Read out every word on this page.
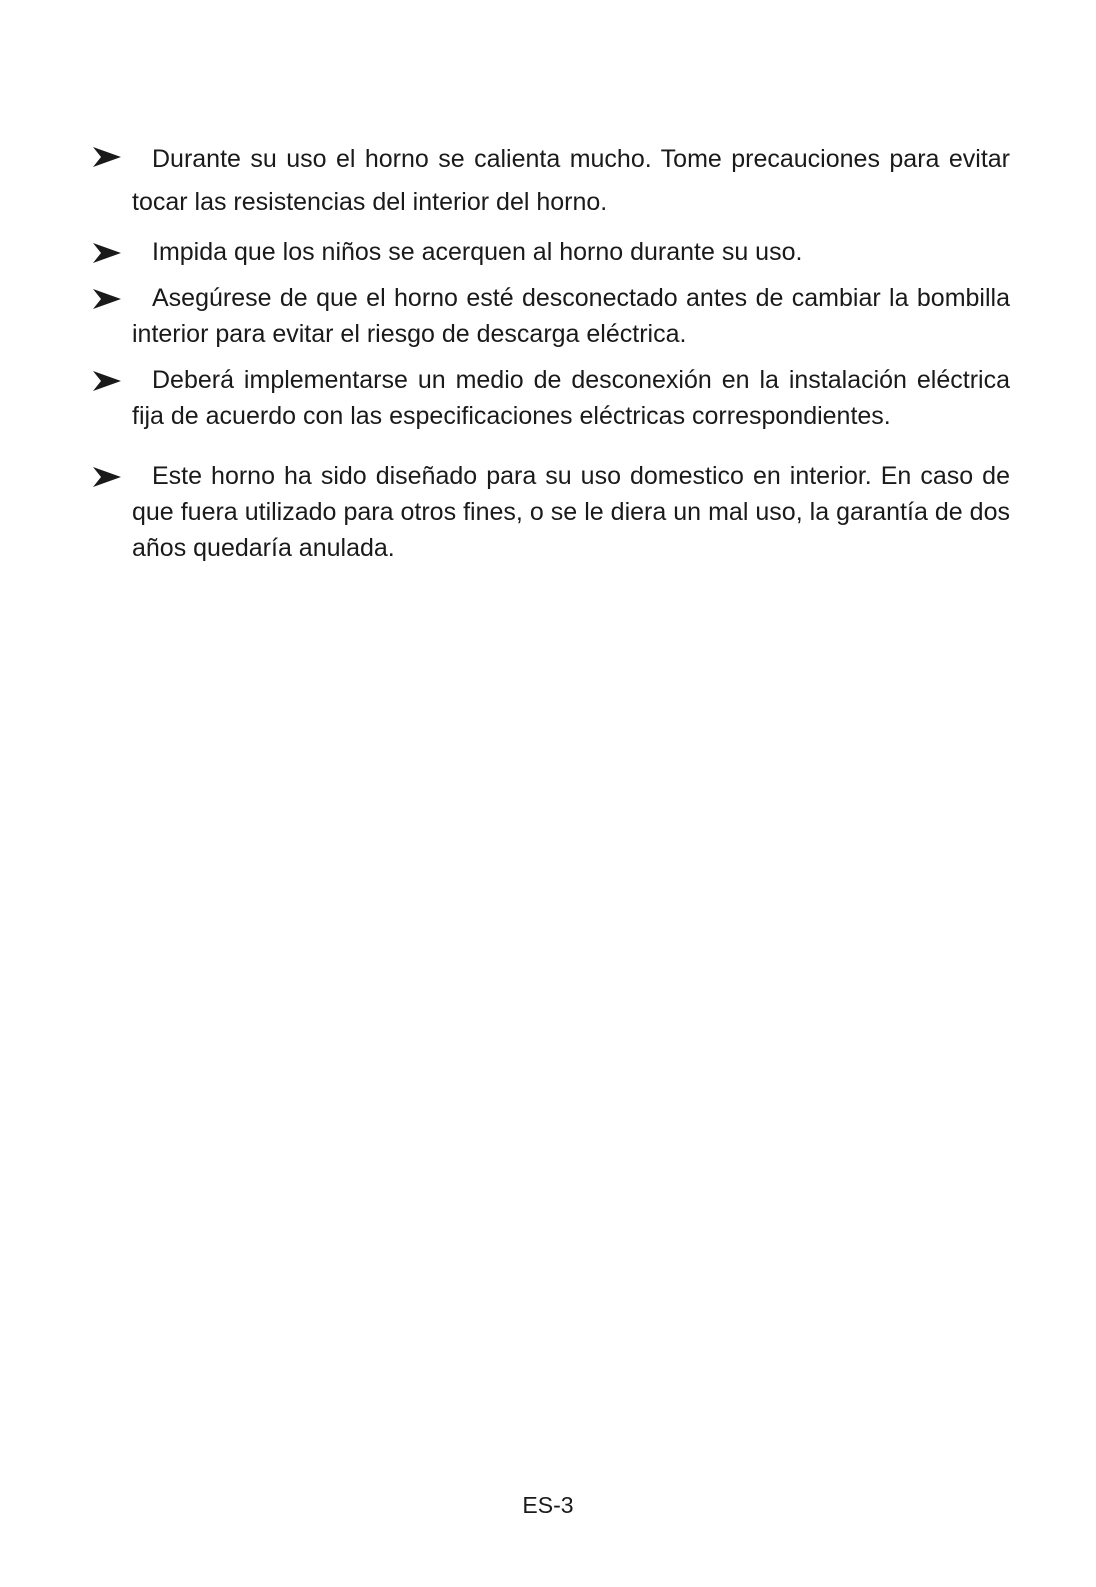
Durante su uso el horno se calienta mucho. Tome precauciones para evitar tocar las resistencias del interior del horno.
Impida que los niños se acerquen al horno durante su uso.
Asegúrese de que el horno esté desconectado antes de cambiar la bombilla interior para evitar el riesgo de descarga eléctrica.
Deberá implementarse un medio de desconexión en la instalación eléctrica fija de acuerdo con las especificaciones eléctricas correspondientes.
Este horno ha sido diseñado para su uso domestico en interior. En caso de que fuera utilizado para otros fines, o se le diera un mal uso, la garantía de dos años quedaría anulada.
ES-3
